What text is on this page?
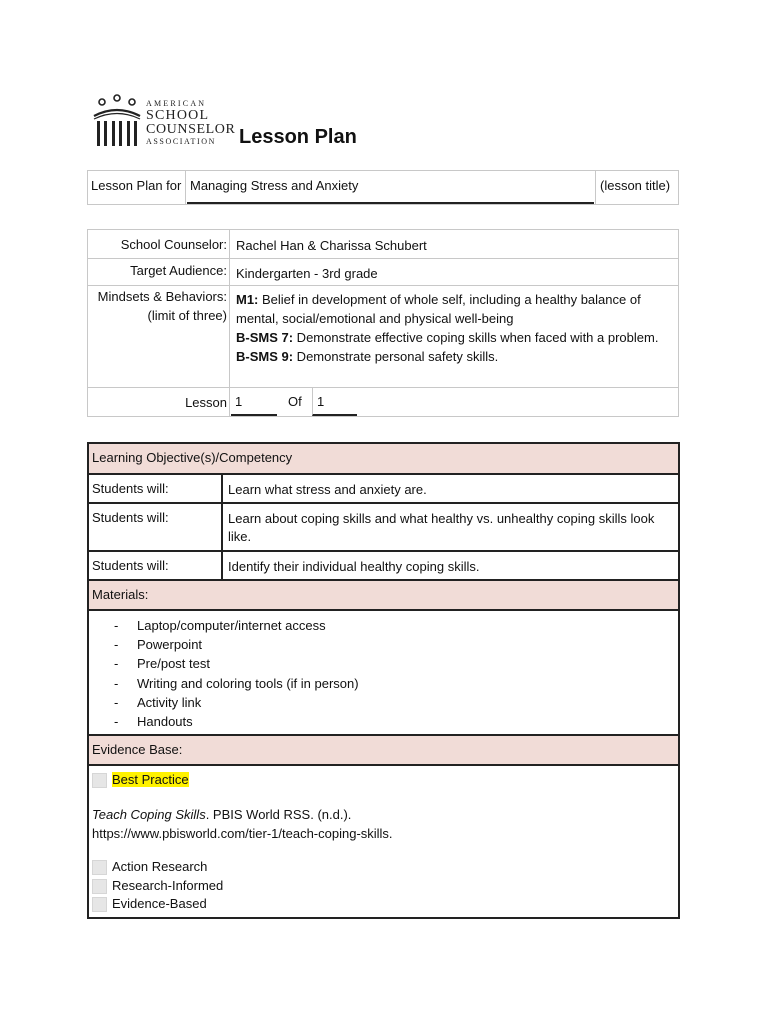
AMERICAN
SCHOOL
COUNSELOR
ASSOCIATION	Lesson Plan
Lesson Plan for Managing Stress and Anxiety	(lesson title)
School Counselor: Rachel Han & Charissa Schubert
Target Audience: Kindergarten - 3rd grade
Mindsets & Behaviors:
(limit of three)
M1: Belief in development of whole self, including a healthy balance of mental, social/emotional and physical well-being
B-SMS 7: Demonstrate effective coping skills when faced with a problem.
B-SMS 9: Demonstrate personal safety skills.
Lesson 1	Of	1
Learning Objective(s)/Competency
Students will:	Learn what stress and anxiety are.
Students will:	Learn about coping skills and what healthy vs. unhealthy coping skills look like.
Students will:	Identify their individual healthy coping skills.
Materials:
- Laptop/computer/internet access
- Powerpoint
- Pre/post test
- Writing and coloring tools (if in person)
- Activity link
- Handouts
Evidence Base:
Best Practice
Teach Coping Skills. PBIS World RSS. (n.d.).
https://www.pbisworld.com/tier-1/teach-coping-skills.
Action Research
Research-Informed
Evidence-Based
